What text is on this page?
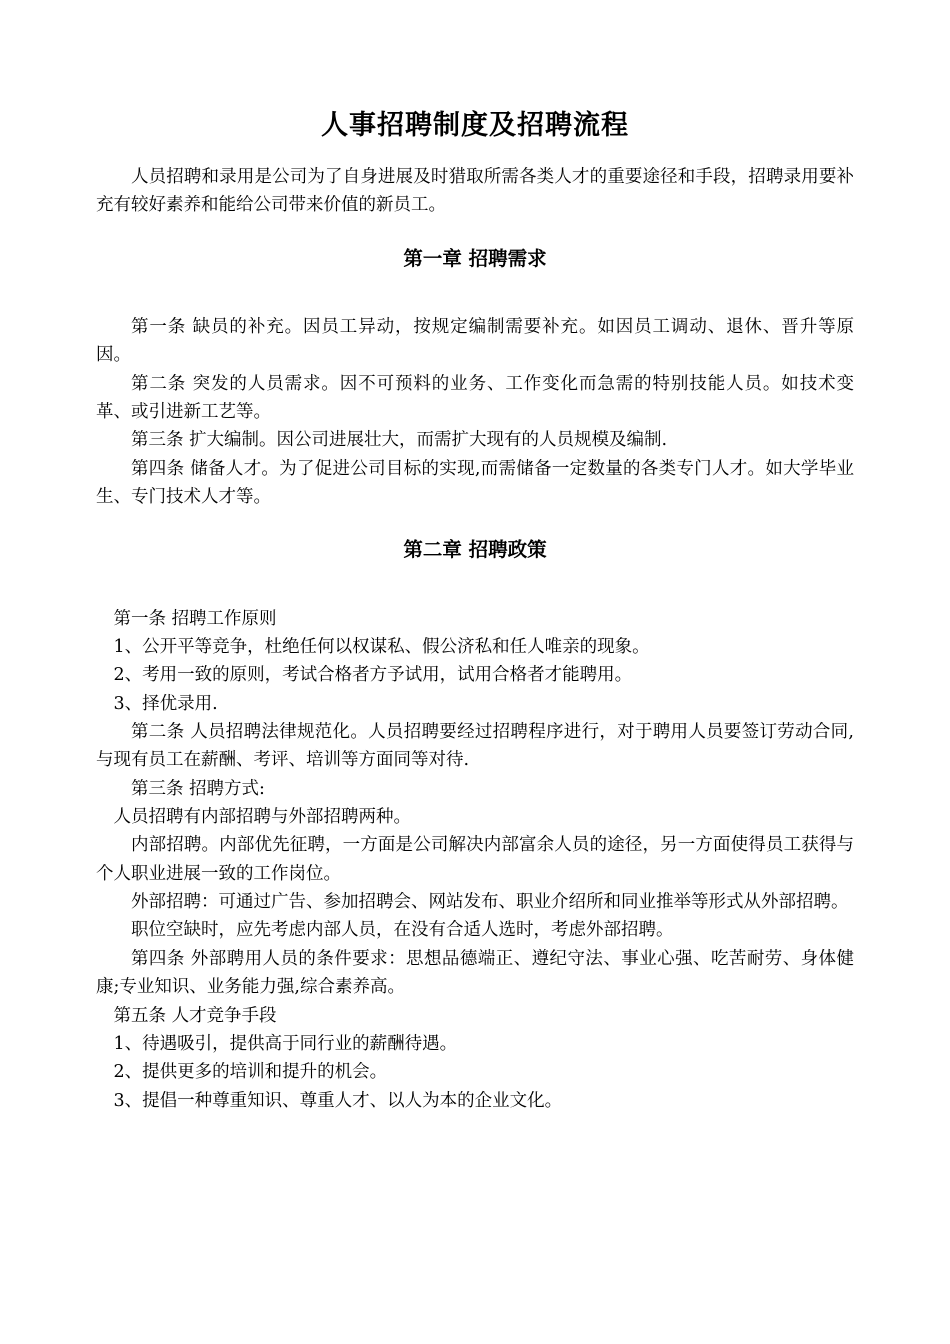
人事招聘制度及招聘流程

人员招聘和录用是公司为了自身进展及时猎取所需各类人才的重要途径和手段，招聘录用要补充有较好素养和能给公司带来价值的新员工。

第一章 招聘需求

第一条 缺员的补充。因员工异动，按规定编制需要补充。如因员工调动、退休、晋升等原因。

第二条 突发的人员需求。因不可预料的业务、工作变化而急需的特别技能人员。如技术变革、或引进新工艺等。

第三条 扩大编制。因公司进展壮大，而需扩大现有的人员规模及编制.

第四条 储备人才。为了促进公司目标的实现,而需储备一定数量的各类专门人才。如大学毕业生、专门技术人才等。

第二章 招聘政策

第一条 招聘工作原则

1、公开平等竞争，杜绝任何以权谋私、假公济私和任人唯亲的现象。

2、考用一致的原则，考试合格者方予试用，试用合格者才能聘用。

3、择优录用.

第二条 人员招聘法律规范化。人员招聘要经过招聘程序进行，对于聘用人员要签订劳动合同,与现有员工在薪酬、考评、培训等方面同等对待.

第三条 招聘方式:

人员招聘有内部招聘与外部招聘两种。

内部招聘。内部优先征聘，一方面是公司解决内部富余人员的途径，另一方面使得员工获得与个人职业进展一致的工作岗位。

外部招聘：可通过广告、参加招聘会、网站发布、职业介绍所和同业推举等形式从外部招聘。

职位空缺时，应先考虑内部人员，在没有合适人选时，考虑外部招聘。

第四条 外部聘用人员的条件要求：思想品德端正、遵纪守法、事业心强、吃苦耐劳、身体健康;专业知识、业务能力强,综合素养高。

第五条 人才竞争手段

1、待遇吸引，提供高于同行业的薪酬待遇。

2、提供更多的培训和提升的机会。

3、提倡一种尊重知识、尊重人才、以人为本的企业文化。
